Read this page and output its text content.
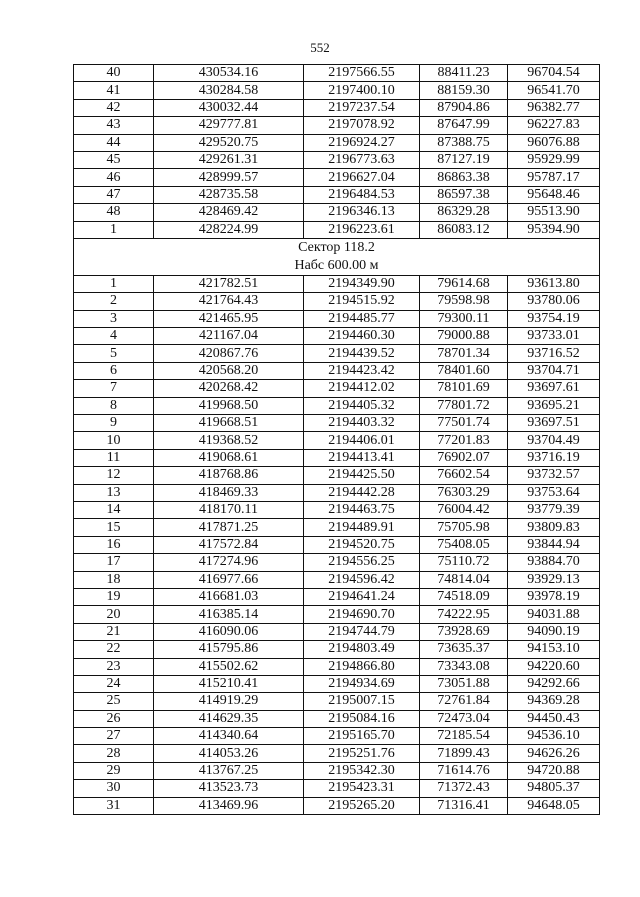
552
40	430534.16	2197566.55	88411.23	96704.54
41	430284.58	2197400.10	88159.30	96541.70
42	430032.44	2197237.54	87904.86	96382.77
43	429777.81	2197078.92	87647.99	96227.83
44	429520.75	2196924.27	87388.75	96076.88
45	429261.31	2196773.63	87127.19	95929.99
46	428999.57	2196627.04	86863.38	95787.17
47	428735.58	2196484.53	86597.38	95648.46
48	428469.42	2196346.13	86329.28	95513.90
1	428224.99	2196223.61	86083.12	95394.90

Сектор 118.2
Набс 600.00 м				

1	421782.51	2194349.90	79614.68	93613.80
2	421764.43	2194515.92	79598.98	93780.06
3	421465.95	2194485.77	79300.11	93754.19
4	421167.04	2194460.30	79000.88	93733.01
5	420867.76	2194439.52	78701.34	93716.52
6	420568.20	2194423.42	78401.60	93704.71
7	420268.42	2194412.02	78101.69	93697.61
8	419968.50	2194405.32	77801.72	93695.21
9	419668.51	2194403.32	77501.74	93697.51
10	419368.52	2194406.01	77201.83	93704.49
11	419068.61	2194413.41	76902.07	93716.19
12	418768.86	2194425.50	76602.54	93732.57
13	418469.33	2194442.28	76303.29	93753.64
14	418170.11	2194463.75	76004.42	93779.39
15	417871.25	2194489.91	75705.98	93809.83
16	417572.84	2194520.75	75408.05	93844.94
17	417274.96	2194556.25	75110.72	93884.70
18	416977.66	2194596.42	74814.04	93929.13
19	416681.03	2194641.24	74518.09	93978.19
20	416385.14	2194690.70	74222.95	94031.88
21	416090.06	2194744.79	73928.69	94090.19
22	415795.86	2194803.49	73635.37	94153.10
23	415502.62	2194866.80	73343.08	94220.60
24	415210.41	2194934.69	73051.88	94292.66
25	414919.29	2195007.15	72761.84	94369.28
26	414629.35	2195084.16	72473.04	94450.43
27	414340.64	2195165.70	72185.54	94536.10
28	414053.26	2195251.76	71899.43	94626.26
29	413767.25	2195342.30	71614.76	94720.88
30	413523.73	2195423.31	71372.43	94805.37
31	413469.96	2195265.20	71316.41	94648.05
